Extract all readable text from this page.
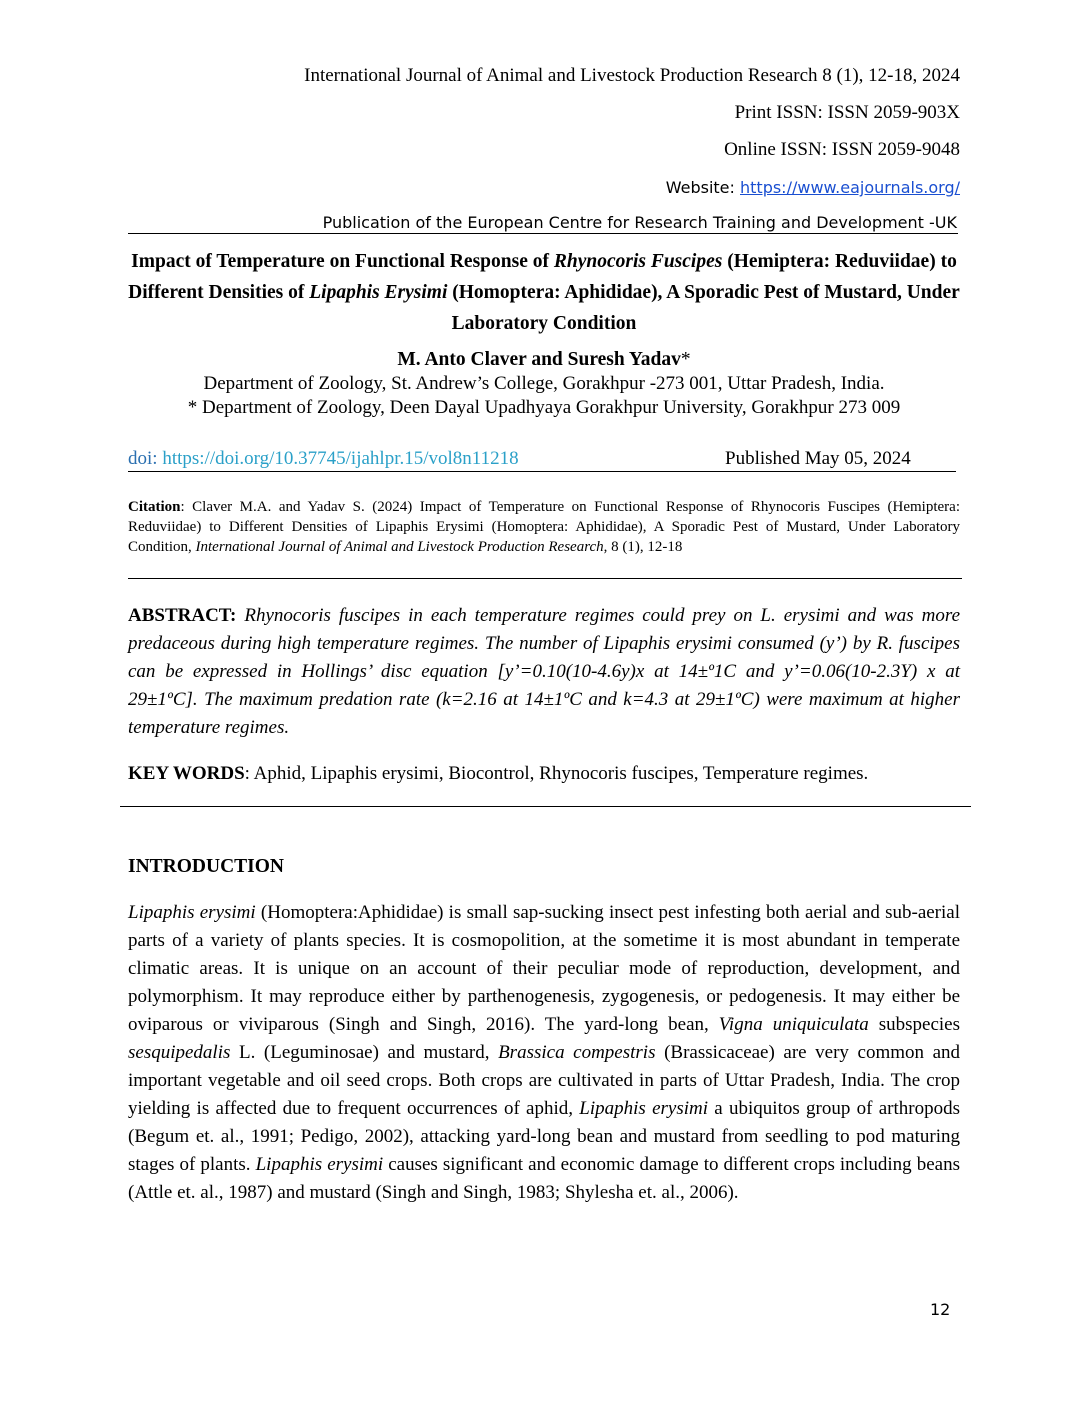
International Journal of Animal and Livestock Production Research 8 (1), 12-18, 2024
Print ISSN: ISSN 2059-903X
Online ISSN: ISSN 2059-9048
Website: https://www.eajournals.org/
Publication of the European Centre for Research Training and Development -UK
Impact of Temperature on Functional Response of Rhynocoris Fuscipes (Hemiptera: Reduviidae) to Different Densities of Lipaphis Erysimi (Homoptera: Aphididae), A Sporadic Pest of Mustard, Under Laboratory Condition
M. Anto Claver and Suresh Yadav*
Department of Zoology, St. Andrew’s College, Gorakhpur -273 001, Uttar Pradesh, India.
* Department of Zoology, Deen Dayal Upadhyaya Gorakhpur University, Gorakhpur 273 009
doi: https://doi.org/10.37745/ijahlpr.15/vol8n11218	Published May 05, 2024
Citation: Claver M.A. and Yadav S. (2024) Impact of Temperature on Functional Response of Rhynocoris Fuscipes (Hemiptera: Reduviidae) to Different Densities of Lipaphis Erysimi (Homoptera: Aphididae), A Sporadic Pest of Mustard, Under Laboratory Condition, International Journal of Animal and Livestock Production Research, 8 (1), 12-18
ABSTRACT: Rhynocoris fuscipes in each temperature regimes could prey on L. erysimi and was more predaceous during high temperature regimes. The number of Lipaphis erysimi consumed (y’) by R. fuscipes can be expressed in Hollings’ disc equation [y’=0.10(10-4.6y)x at 14±º1C and y’=0.06(10-2.3Y) x at 29±1ºC]. The maximum predation rate (k=2.16 at 14±1ºC and k=4.3 at 29±1ºC) were maximum at higher temperature regimes.
KEY WORDS: Aphid, Lipaphis erysimi, Biocontrol, Rhynocoris fuscipes, Temperature regimes.
INTRODUCTION
Lipaphis erysimi (Homoptera:Aphididae) is small sap-sucking insect pest infesting both aerial and sub-aerial parts of a variety of plants species. It is cosmopolition, at the sometime it is most abundant in temperate climatic areas. It is unique on an account of their peculiar mode of reproduction, development, and polymorphism. It may reproduce either by parthenogenesis, zygogenesis, or pedogenesis. It may either be oviparous or viviparous (Singh and Singh, 2016). The yard-long bean, Vigna uniquiculata subspecies sesquipedalis L. (Leguminosae) and mustard, Brassica compestris (Brassicaceae) are very common and important vegetable and oil seed crops. Both crops are cultivated in parts of Uttar Pradesh, India. The crop yielding is affected due to frequent occurrences of aphid, Lipaphis erysimi a ubiquitos group of arthropods (Begum et. al., 1991; Pedigo, 2002), attacking yard-long bean and mustard from seedling to pod maturing stages of plants. Lipaphis erysimi causes significant and economic damage to different crops including beans (Attle et. al., 1987) and mustard (Singh and Singh, 1983; Shylesha et. al., 2006).
12
